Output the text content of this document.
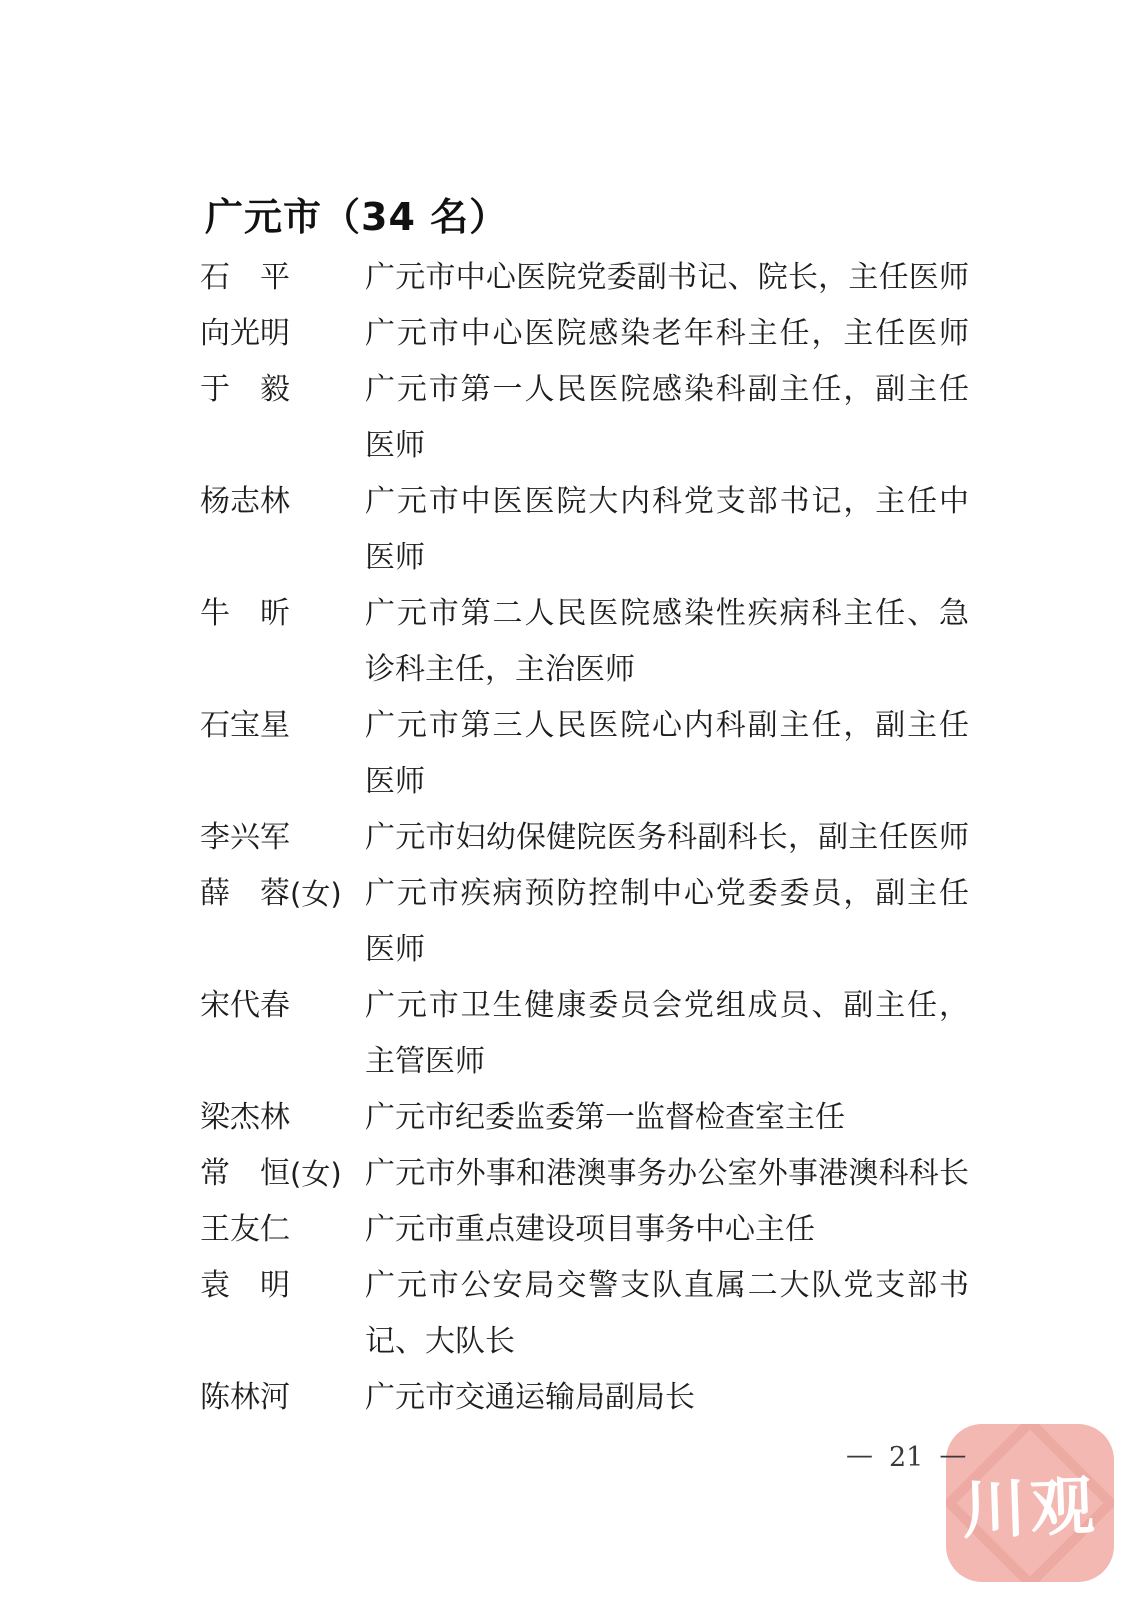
广元市（34 名）
石　平	广元市中心医院党委副书记、院长，主任医师
向光明	广元市中心医院感染老年科主任，主任医师
于　毅	广元市第一人民医院感染科副主任，副主任
医师
杨志林	广元市中医医院大内科党支部书记，主任中
医师
牛　昕	广元市第二人民医院感染性疾病科主任、急
诊科主任，主治医师
石宝星	广元市第三人民医院心内科副主任，副主任
医师
李兴军	广元市妇幼保健院医务科副科长，副主任医师
薛　蓉 (女) 广元市疾病预防控制中心党委委员，副主任
医师
宋代春	广元市卫生健康委员会党组成员、副主任，
主管医师
梁杰林	广元市纪委监委第一监督检查室主任
常　恒 (女) 广元市外事和港澳事务办公室外事港澳科科长
王友仁	广元市重点建设项目事务中心主任
袁　明	广元市公安局交警支队直属二大队党支部书
记、大队长
陈林河	广元市交通运输局副局长
— 21 —
川观
